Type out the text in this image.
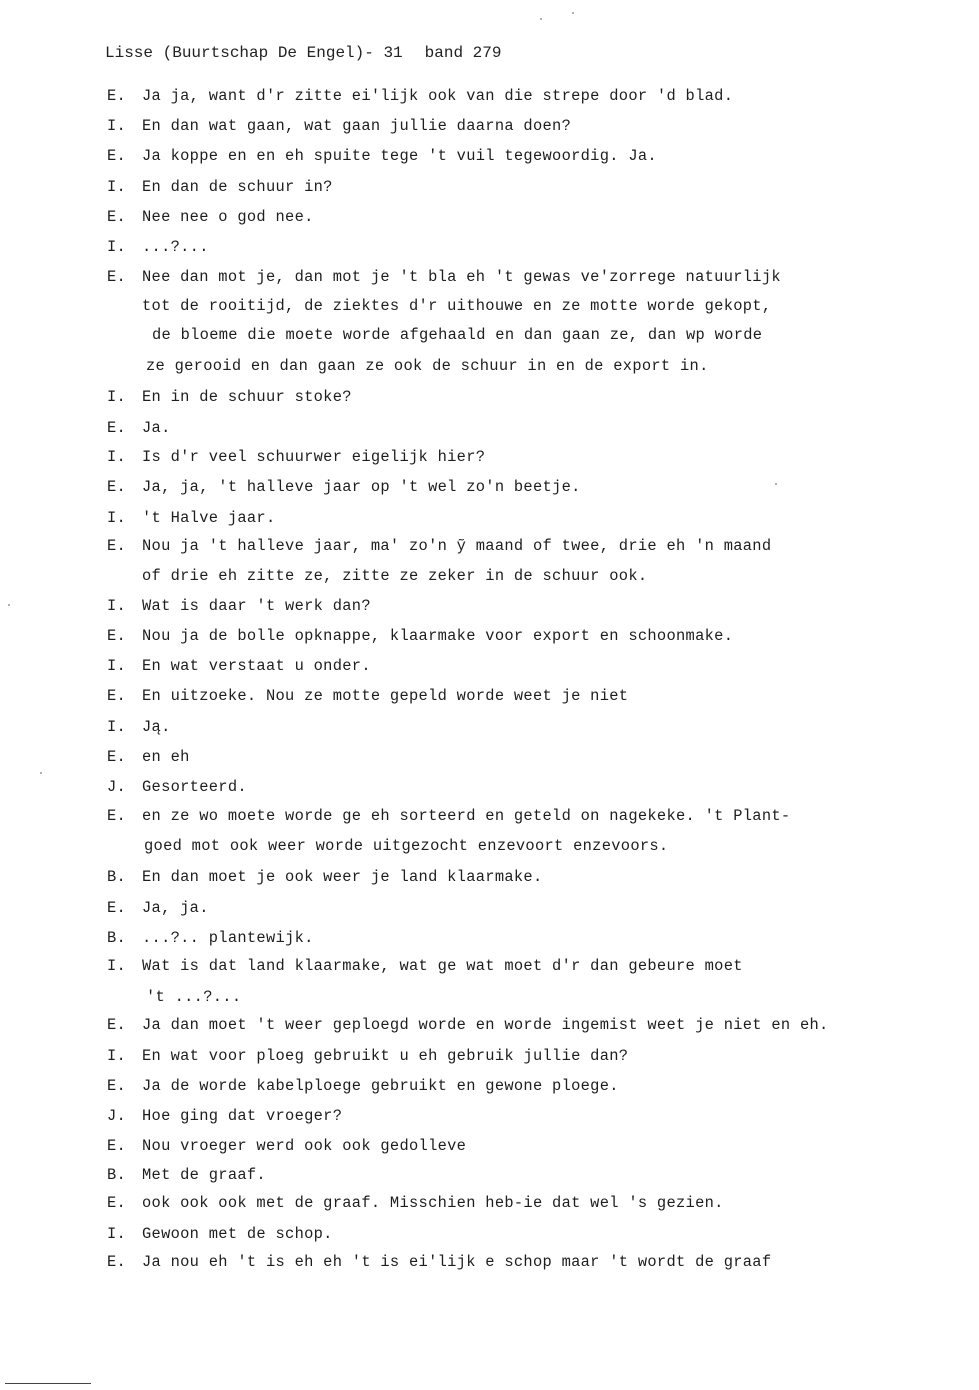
Lisse (Buurtschap De Engel)- 31 band 279
E. Ja ja, want d'r zitte ei'lijk ook van die strepe door 'd blad.
I. En dan wat gaan, wat gaan jullie daarna doen?
E. Ja koppe en en eh spuite tege 't vuil tegewoordig. Ja.
I. En dan de schuur in?
E. Nee nee o god nee.
I. ...?...
E. Nee dan mot je, dan mot je 't bla eh 't gewas ve'zorrege natuurlijk
tot de rooitijd, de ziektes d'r uithouwe en ze motte worde gekopt,
de bloeme die moete worde afgehaald en dan gaan ze, dan wp worde
ze gerooid en dan gaan ze ook de schuur in en de export in.
I. En in de schuur stoke?
E. Ja.
I. Is d'r veel schuurwer eigelijk hier?
E. Ja, ja, 't halleve jaar op 't wel zo'n beetje.
I. 't Halve jaar.
E. Nou ja 't halleve jaar, ma' zo'n ỹ maand of twee, drie eh 'n maand
of drie eh zitte ze, zitte ze zeker in de schuur ook.
I. Wat is daar 't werk dan?
E. Nou ja de bolle opknappe, klaarmake voor export en schoonmake.
I. En wat verstaat u onder.
E. En uitzoeke. Nou ze motte gepeld worde weet je niet
I. Ją.
E. en eh
J. Gesorteerd.
E. en ze wo moete worde ge eh sorteerd en geteld on nagekeke. 't Plant-
goed mot ook weer worde uitgezocht enzevoort enzevoors.
B. En dan moet je ook weer je land klaarmake.
E. Ja, ja.
B. ...?.. plantewijk.
I. Wat is dat land klaarmake, wat ge wat moet d'r dan gebeure moet
't ...?...
E. Ja dan moet 't weer geploegd worde en worde ingemist weet je niet en eh.
I. En wat voor ploeg gebruikt u eh gebruik jullie dan?
E. Ja de worde kabelploege gebruikt en gewone ploege.
J. Hoe ging dat vroeger?
E. Nou vroeger werd ook ook gedolleve
B. Met de graaf.
E. ook ook ook met de graaf. Misschien heb-ie dat wel 's gezien.
I. Gewoon met de schop.
E. Ja nou eh 't is eh eh 't is ei'lijk e schop maar 't wordt de graaf
